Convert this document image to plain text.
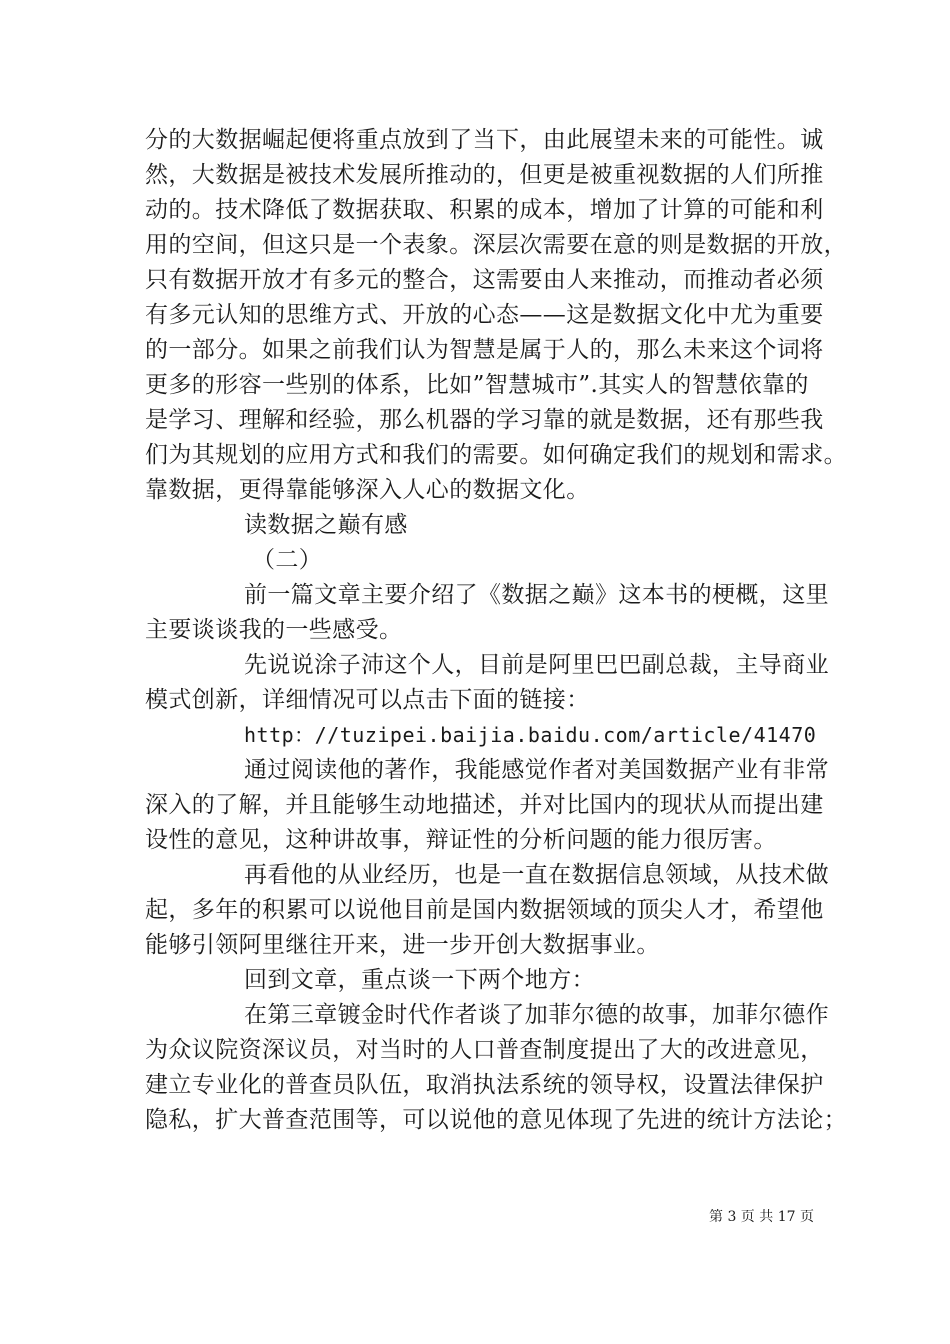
分的大数据崛起便将重点放到了当下，由此展望未来的可能性。诚
然，大数据是被技术发展所推动的，但更是被重视数据的人们所推
动的。技术降低了数据获取、积累的成本，增加了计算的可能和利
用的空间，但这只是一个表象。深层次需要在意的则是数据的开放，
只有数据开放才有多元的整合，这需要由人来推动，而推动者必须
有多元认知的思维方式、开放的心态——这是数据文化中尤为重要
的一部分。如果之前我们认为智慧是属于人的，那么未来这个词将
更多的形容一些别的体系，比如”智慧城市”.其实人的智慧依靠的
是学习、理解和经验，那么机器的学习靠的就是数据，还有那些我
们为其规划的应用方式和我们的需要。如何确定我们的规划和需求。
靠数据，更得靠能够深入人心的数据文化。
读数据之巅有感
（二）
前一篇文章主要介绍了《数据之巅》这本书的梗概，这里
主要谈谈我的一些感受。
先说说涂子沛这个人，目前是阿里巴巴副总裁，主导商业
模式创新，详细情况可以点击下面的链接：
http：//tuzipei.baijia.baidu.com/article/41470
通过阅读他的著作，我能感觉作者对美国数据产业有非常
深入的了解，并且能够生动地描述，并对比国内的现状从而提出建
设性的意见，这种讲故事，辩证性的分析问题的能力很厉害。
再看他的从业经历，也是一直在数据信息领域，从技术做
起，多年的积累可以说他目前是国内数据领域的顶尖人才，希望他
能够引领阿里继往开来，进一步开创大数据事业。
回到文章，重点谈一下两个地方：
在第三章镀金时代作者谈了加菲尔德的故事，加菲尔德作
为众议院资深议员，对当时的人口普查制度提出了大的改进意见，
建立专业化的普查员队伍，取消执法系统的领导权，设置法律保护
隐私，扩大普查范围等，可以说他的意见体现了先进的统计方法论；
第 3 页 共 17 页
